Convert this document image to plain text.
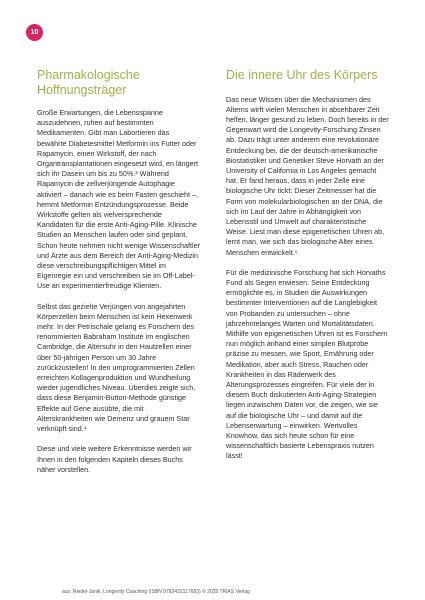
10
Pharmakologische
Hoffnungsträger

Große Erwartungen, die Lebensspanne auszudehnen, ruhen auf bestimmten Medikamenten. Gibt man Labortieren das bewährte Diabetesmittel Metformin ins Futter oder Rapamycin, einen Wirkstoff, der nach Organtransplantationen eingesetzt wird, en längert sich ihr Dasein um bis zu 50%.³ Während Rapamycin die zellverjüngende Autophagie aktiviert – danach wie es beim Fasten geschieht –, hemmt Metformin Entzündungsprozesse. Beide Wirkstoffe gelten als vielversprechende Kandidaten für die erste Anti-Aging-Pille. Klinische Studien an Menschen laufen oder sind geplant. Schon heute nehmen nicht wenige Wissenschaftler und Ärzte aus dem Bereich der Anti-Aging-Medizin diese verschreibungspflichtigen Mittel im Eigenregie ein und verschreiben sie im Off-Label-Use an experimentierfreudige Klienten.

Selbst das gezielte Verjüngen von angejahrten Körperzellen beim Menschen ist kein Hexenwerk mehr. In der Petrischale gelang es Forschern des renommierten Babraham Institute im englischen Cambridge, die Altersuhr in den Hautzellen einer über 50-jährigen Person um 30 Jahre zurückzustellen! In den umprogrammierten Zellen erreichten Kollagenproduktion und Wundheilung wieder jugendliches Niveau. Überdies zeigte sich, dass diese Benjamin-Button-Methode günstige Effekte auf Gene ausübte, die mit Alterskrankheiten wie Demenz und grauem Star verknüpft sind.⁴

Diese und viele weitere Erkenntnisse werden wir Ihnen in den folgenden Kapiteln dieses Buchs näher vorstellen.

Die innere Uhr des Körpers

Das neue Wissen über die Mechanismen des Alterns wirft vielen Menschen in absehbarer Zeit helfen, länger gesund zu leben. Doch bereits in der Gegenwart wird die Longevity-Forschung Zinsen ab. Dazu trägt unter anderem eine revolutionäre Entdeckung bei, die der deutsch-amerikanische Biostatistiker und Genetiker Steve Horvath an der University of California in Los Angeles gemacht hat. Er fand heraus, dass in jeder Zelle eine biologische Uhr tickt: Dieser Zeitmesser hat die Form von molekularbiologischen an der DNA, die sich im Lauf der Jahre in Abhängigkeit von Lebensstil und Umwelt auf charakteristische Weise. Liest man diese epigenetischen Uhren ab, lernt man, wie sich das biologische Alter eines Menschen entwickelt.⁵

Für die medizinische Forschung hat sich Horvaths Fund als Segen erwiesen. Seine Entdeckung ermöglichte es, in Studien die Auswirkungen bestimmter Interventionen auf die Langlebigkeit von Probanden zu untersuchen – ohne jahrzehntelanges Warten und Mortalitätsdaten. Mithilfe von epigenetischen Uhren ist es Forschern nun möglich anhand einer simplen Blutprobe präzise zu messen, wie Sport, Ernährung oder Medikation, aber auch Stress, Rauchen oder Krankheiten in das Räderwerk des Alterungsprozesses eingreifen. Für viele der in diesem Buch diskutierten Anti-Aging-Strategien liegen inzwischen Daten vor, die zeigen, wie sie auf die biologische Uhr – und damit auf die Lebenserwartung – einwirken. Wertvolles Knowhow, das sich heute schon für eine wissenschaftlich basierte Lebenspraxis nutzen lässt!

aus: Riedel-Janik, Longevity Coaching (ISBN 9783432117683) © 2025 TRIAS Verlag
